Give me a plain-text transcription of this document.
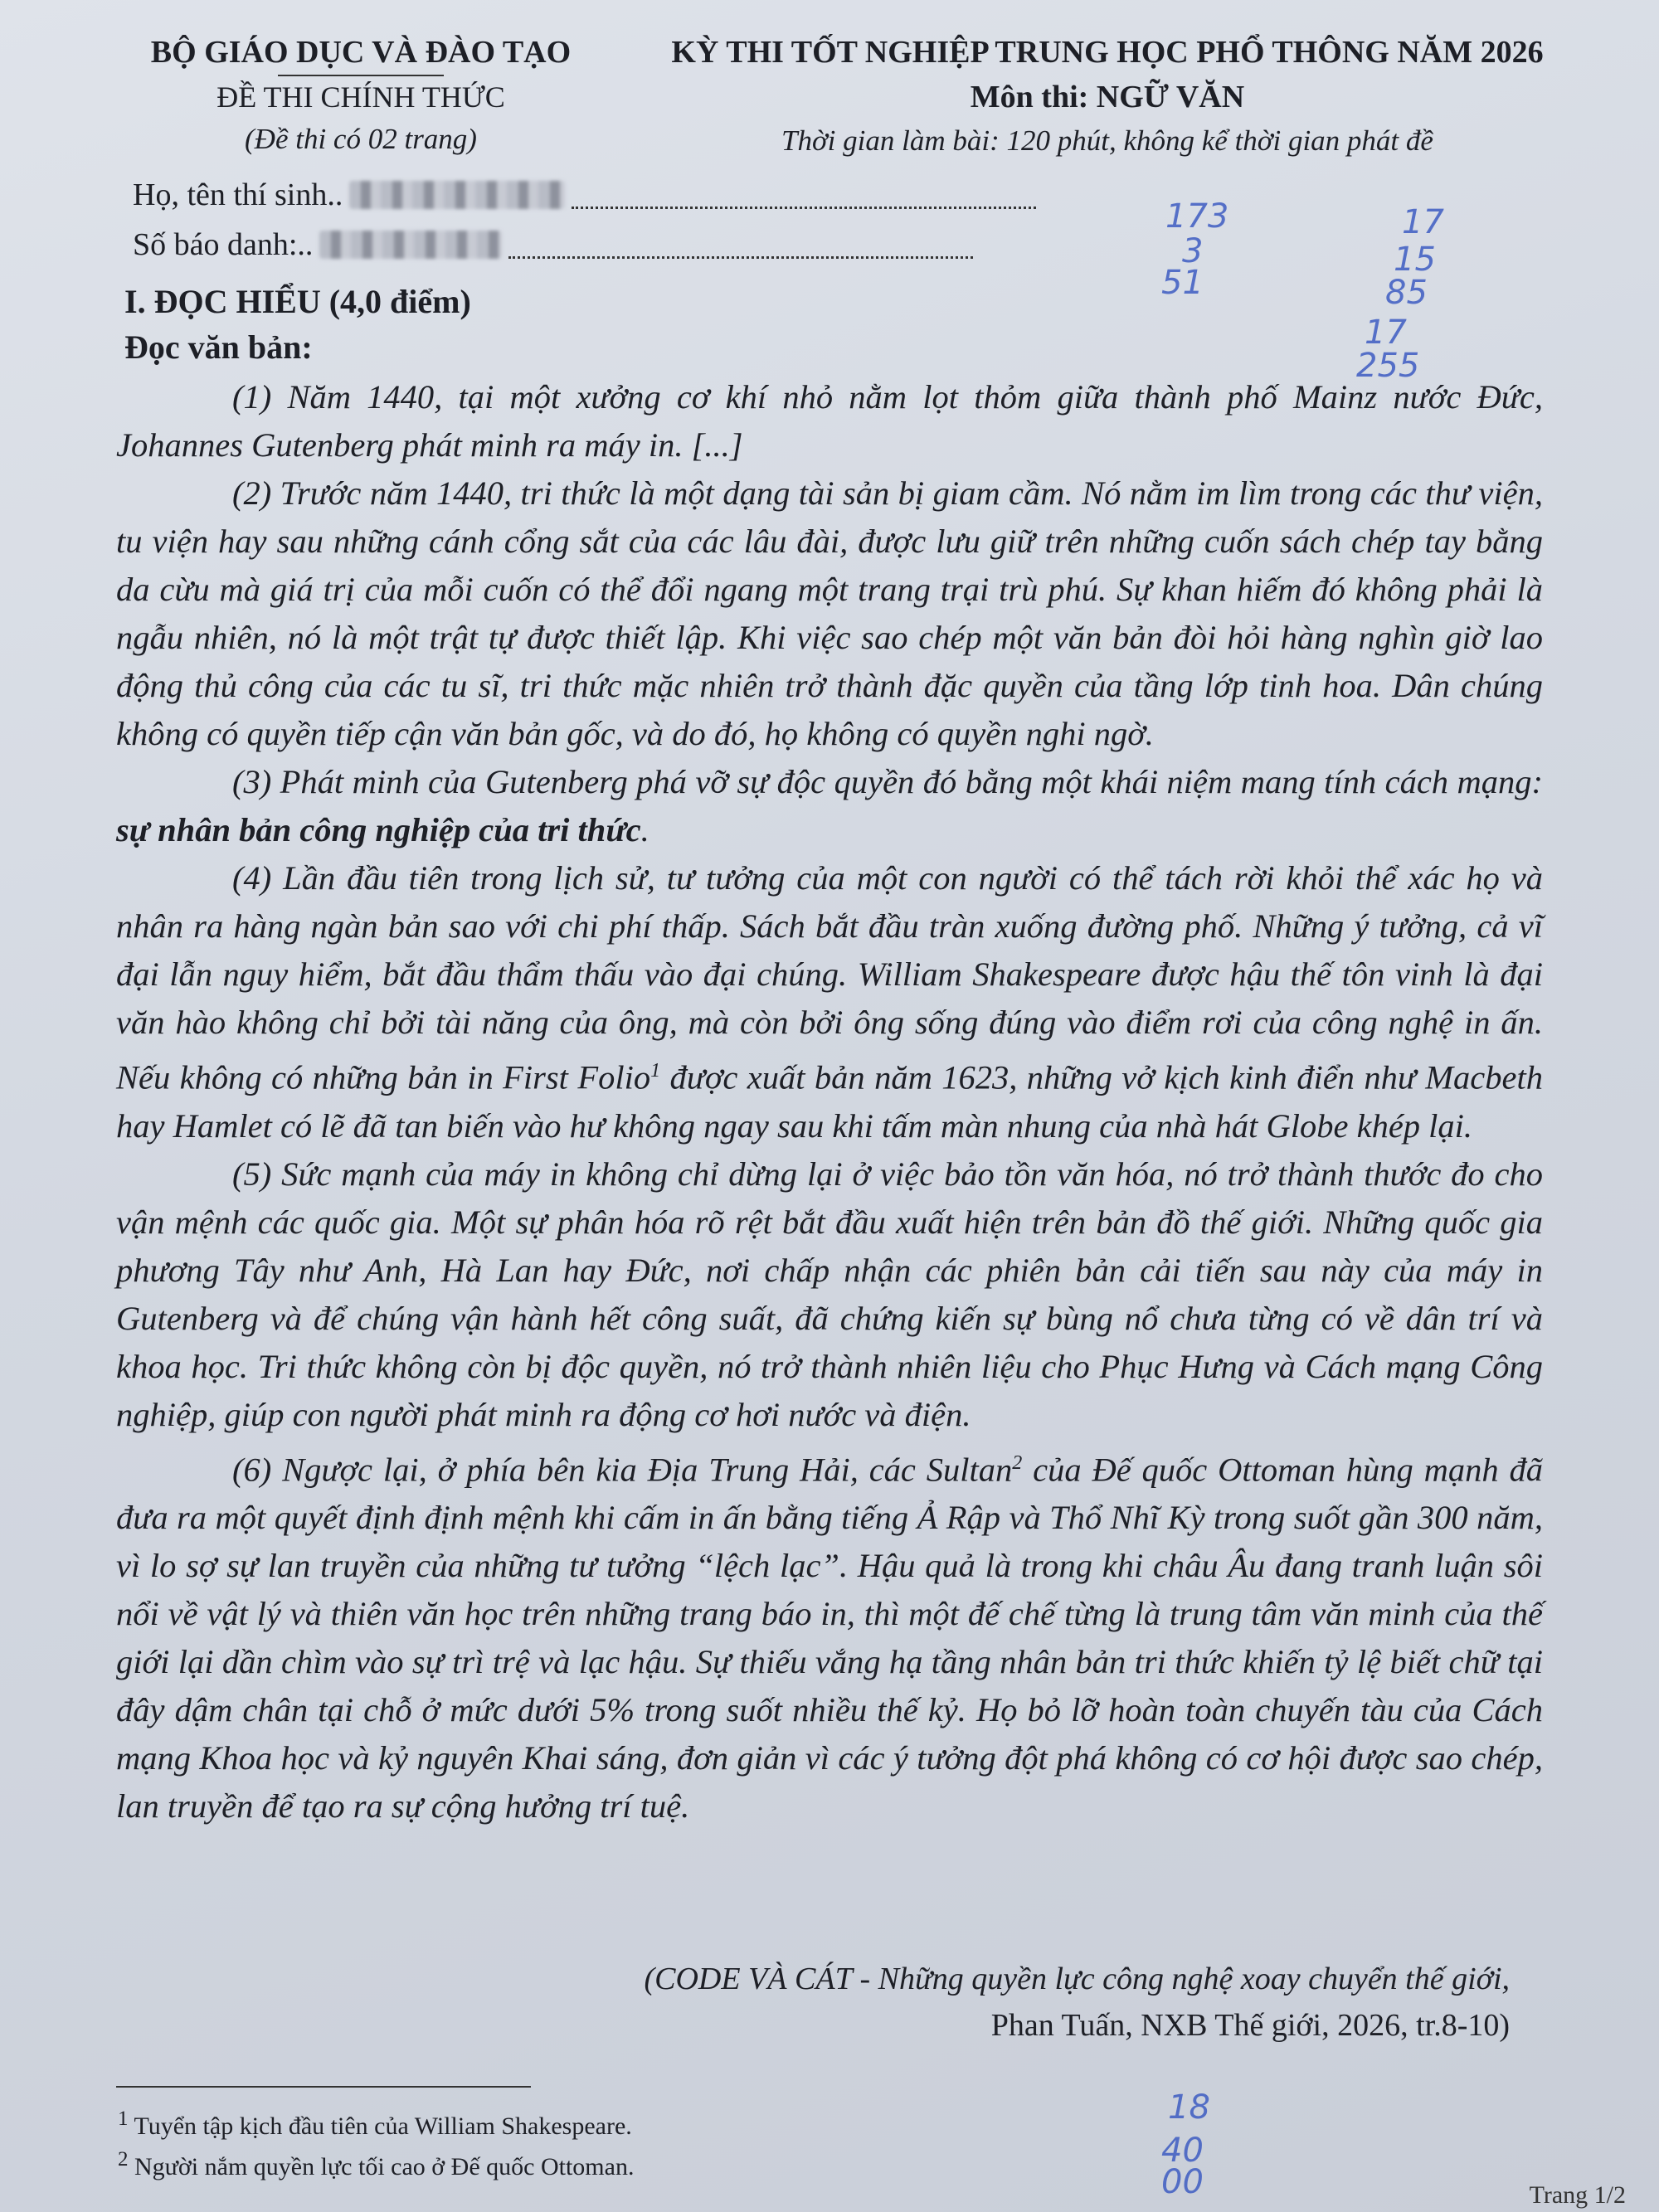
BỘ GIÁO DỤC VÀ ĐÀO TẠO
ĐỀ THI CHÍNH THỨC
(Đề thi có 02 trang)
KỲ THI TỐT NGHIỆP TRUNG HỌC PHỔ THÔNG NĂM 2026
Môn thi: NGỮ VĂN
Thời gian làm bài: 120 phút, không kể thời gian phát đề
Họ, tên thí sinh..
Số báo danh:..
I. ĐỌC HIỂU (4,0 điểm)
Đọc văn bản:

(1) Năm 1440, tại một xưởng cơ khí nhỏ nằm lọt thỏm giữa thành phố Mainz nước Đức, Johannes Gutenberg phát minh ra máy in. [...]

(2) Trước năm 1440, tri thức là một dạng tài sản bị giam cầm. Nó nằm im lìm trong các thư viện, tu viện hay sau những cánh cổng sắt của các lâu đài, được lưu giữ trên những cuốn sách chép tay bằng da cừu mà giá trị của mỗi cuốn có thể đổi ngang một trang trại trù phú. Sự khan hiếm đó không phải là ngẫu nhiên, nó là một trật tự được thiết lập. Khi việc sao chép một văn bản đòi hỏi hàng nghìn giờ lao động thủ công của các tu sĩ, tri thức mặc nhiên trở thành đặc quyền của tầng lớp tinh hoa. Dân chúng không có quyền tiếp cận văn bản gốc, và do đó, họ không có quyền nghi ngờ.

(3) Phát minh của Gutenberg phá vỡ sự độc quyền đó bằng một khái niệm mang tính cách mạng: sự nhân bản công nghiệp của tri thức.

(4) Lần đầu tiên trong lịch sử, tư tưởng của một con người có thể tách rời khỏi thể xác họ và nhân ra hàng ngàn bản sao với chi phí thấp. Sách bắt đầu tràn xuống đường phố. Những ý tưởng, cả vĩ đại lẫn nguy hiểm, bắt đầu thẩm thấu vào đại chúng. William Shakespeare được hậu thế tôn vinh là đại văn hào không chỉ bởi tài năng của ông, mà còn bởi ông sống đúng vào điểm rơi của công nghệ in ấn. Nếu không có những bản in First Folio$^1$ được xuất bản năm 1623, những vở kịch kinh điển như Macbeth hay Hamlet có lẽ đã tan biến vào hư không ngay sau khi tấm màn nhung của nhà hát Globe khép lại.

(5) Sức mạnh của máy in không chỉ dừng lại ở việc bảo tồn văn hóa, nó trở thành thước đo cho vận mệnh các quốc gia. Một sự phân hóa rõ rệt bắt đầu xuất hiện trên bản đồ thế giới. Những quốc gia phương Tây như Anh, Hà Lan hay Đức, nơi chấp nhận các phiên bản cải tiến sau này của máy in Gutenberg và để chúng vận hành hết công suất, đã chứng kiến sự bùng nổ chưa từng có về dân trí và khoa học. Tri thức không còn bị độc quyền, nó trở thành nhiên liệu cho Phục Hưng và Cách mạng Công nghiệp, giúp con người phát minh ra động cơ hơi nước và điện.

(6) Ngược lại, ở phía bên kia Địa Trung Hải, các Sultan$^2$ của Đế quốc Ottoman hùng mạnh đã đưa ra một quyết định định mệnh khi cấm in ấn bằng tiếng Ả Rập và Thổ Nhĩ Kỳ trong suốt gần 300 năm, vì lo sợ sự lan truyền của những tư tưởng “lệch lạc”. Hậu quả là trong khi châu Âu đang tranh luận sôi nổi về vật lý và thiên văn học trên những trang báo in, thì một đế chế từng là trung tâm văn minh của thế giới lại dần chìm vào sự trì trệ và lạc hậu. Sự thiếu vắng hạ tầng nhân bản tri thức khiến tỷ lệ biết chữ tại đây dậm chân tại chỗ ở mức dưới 5% trong suốt nhiều thế kỷ. Họ bỏ lỡ hoàn toàn chuyến tàu của Cách mạng Khoa học và kỷ nguyên Khai sáng, đơn giản vì các ý tưởng đột phá không có cơ hội được sao chép, lan truyền để tạo ra sự cộng hưởng trí tuệ.

(CODE VÀ CÁT - Những quyền lực công nghệ xoay chuyển thế giới,
Phan Tuấn, NXB Thế giới, 2026, tr.8-10)
$^1$ Tuyển tập kịch đầu tiên của William Shakespeare.
$^2$ Người nắm quyền lực tối cao ở Đế quốc Ottoman.
173
3
51
17
15
85
17
255
18
40
00	Trang 1/2
